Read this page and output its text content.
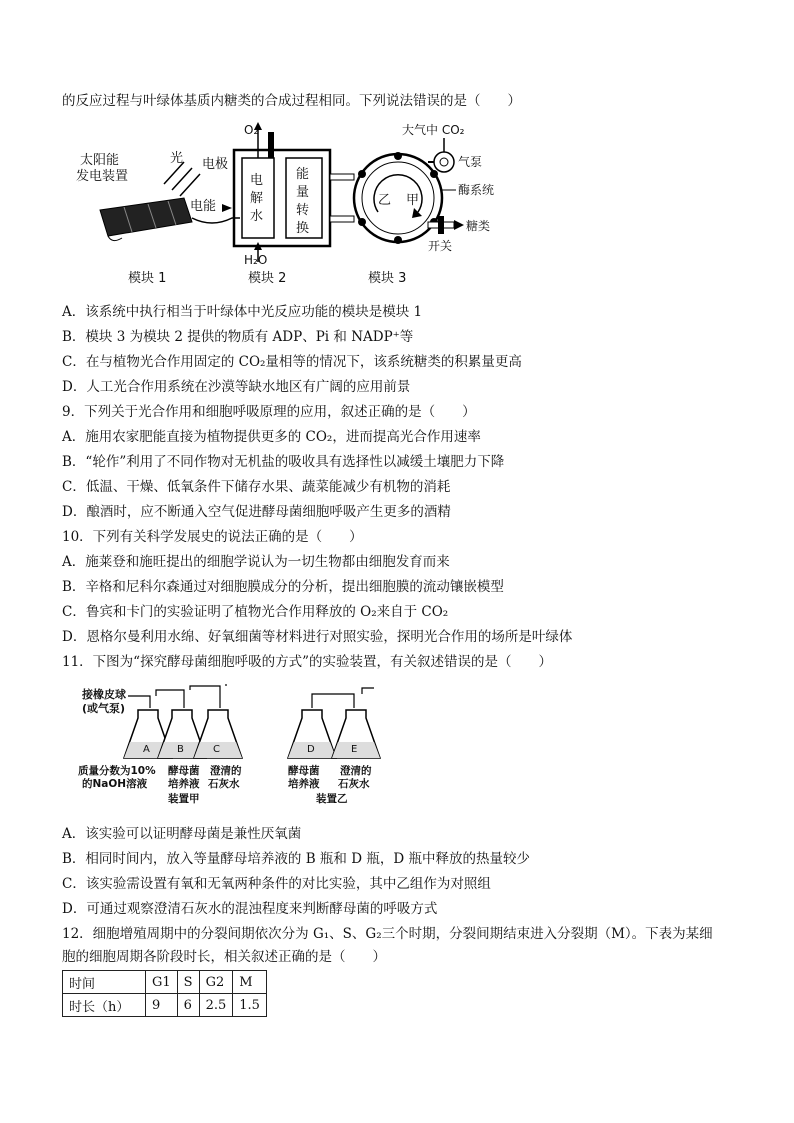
的反应过程与叶绿体基质内糖类的合成过程相同。下列说法错误的是（　　）
太阳能
发电装置
光
电能
O₂
电极
电
解
水
能
量
转
换
H₂O
乙 甲
大气中 CO₂
气泵
酶系统
糖类
开关
模块 1	模块 2	模块 3
A．该系统中执行相当于叶绿体中光反应功能的模块是模块 1
B．模块 3 为模块 2 提供的物质有 ADP、Pi 和 NADP⁺等
C．在与植物光合作用固定的 CO₂量相等的情况下，该系统糖类的积累量更高
D．人工光合作用系统在沙漠等缺水地区有广阔的应用前景
9．下列关于光合作用和细胞呼吸原理的应用，叙述正确的是（　　）
A．施用农家肥能直接为植物提供更多的 CO₂，进而提高光合作用速率
B．“轮作”利用了不同作物对无机盐的吸收具有选择性以减缓土壤肥力下降
C．低温、干燥、低氧条件下储存水果、蔬菜能减少有机物的消耗
D．酿酒时，应不断通入空气促进酵母菌细胞呼吸产生更多的酒精
10．下列有关科学发展史的说法正确的是（　　）
A．施莱登和施旺提出的细胞学说认为一切生物都由细胞发育而来
B．辛格和尼科尔森通过对细胞膜成分的分析，提出细胞膜的流动镶嵌模型
C．鲁宾和卡门的实验证明了植物光合作用释放的 O₂来自于 CO₂
D．恩格尔曼利用水绵、好氧细菌等材料进行对照实验，探明光合作用的场所是叶绿体
11．下图为“探究酵母菌细胞呼吸的方式”的实验装置，有关叙述错误的是（　　）
接橡皮球
(或气泵)
A	B	C
质量分数为10%
的NaOH溶液
酵母菌
培养液
澄清的
石灰水
装置甲
D	E
酵母菌
培养液
澄清的
石灰水
装置乙
A．该实验可以证明酵母菌是兼性厌氧菌
B．相同时间内，放入等量酵母培养液的 B 瓶和 D 瓶，D 瓶中释放的热量较少
C．该实验需设置有氧和无氧两种条件的对比实验，其中乙组作为对照组
D．可通过观察澄清石灰水的混浊程度来判断酵母菌的呼吸方式
12．细胞增殖周期中的分裂间期依次分为 G₁、S、G₂三个时期，分裂间期结束进入分裂期（M）。下表为某细
胞的细胞周期各阶段时长，相关叙述正确的是（　　）
时间	G1	S	G2	M
时长（h）	9	6	2.5	1.5
